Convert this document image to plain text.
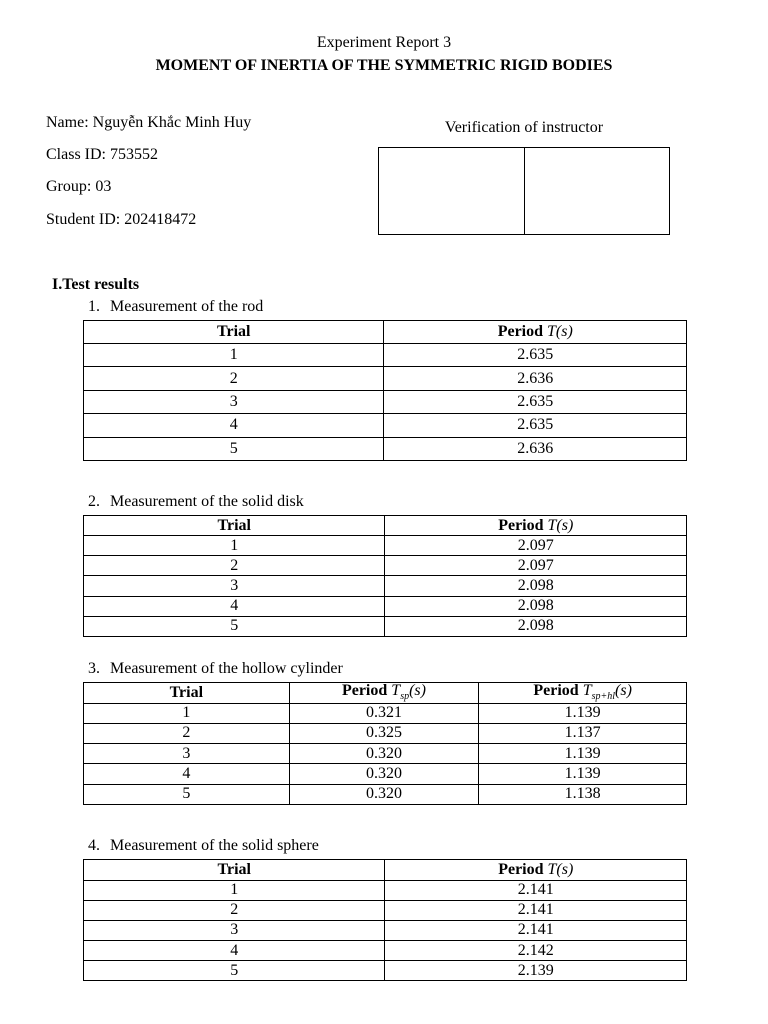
Experiment Report 3
MOMENT OF INERTIA OF THE SYMMETRIC RIGID BODIES
Name: Nguyễn Khắc Minh Huy
Class ID: 753552
Group: 03
Student ID: 202418472
Verification of instructor
I.Test results
1. Measurement of the rod
Trial	Period T(s)
1	2.635
2	2.636
3	2.635
4	2.635
5	2.636
2. Measurement of the solid disk
Trial	Period T(s)
1	2.097
2	2.097
3	2.098
4	2.098
5	2.098
3. Measurement of the hollow cylinder
Trial	Period $T_{sp}(s)$	Period $T_{sp+hl}(s)$
1	0.321	1.139
2	0.325	1.137
3	0.320	1.139
4	0.320	1.139
5	0.320	1.138
4. Measurement of the solid sphere
Trial	Period T(s)
1	2.141
2	2.141
3	2.141
4	2.142
5	2.139
